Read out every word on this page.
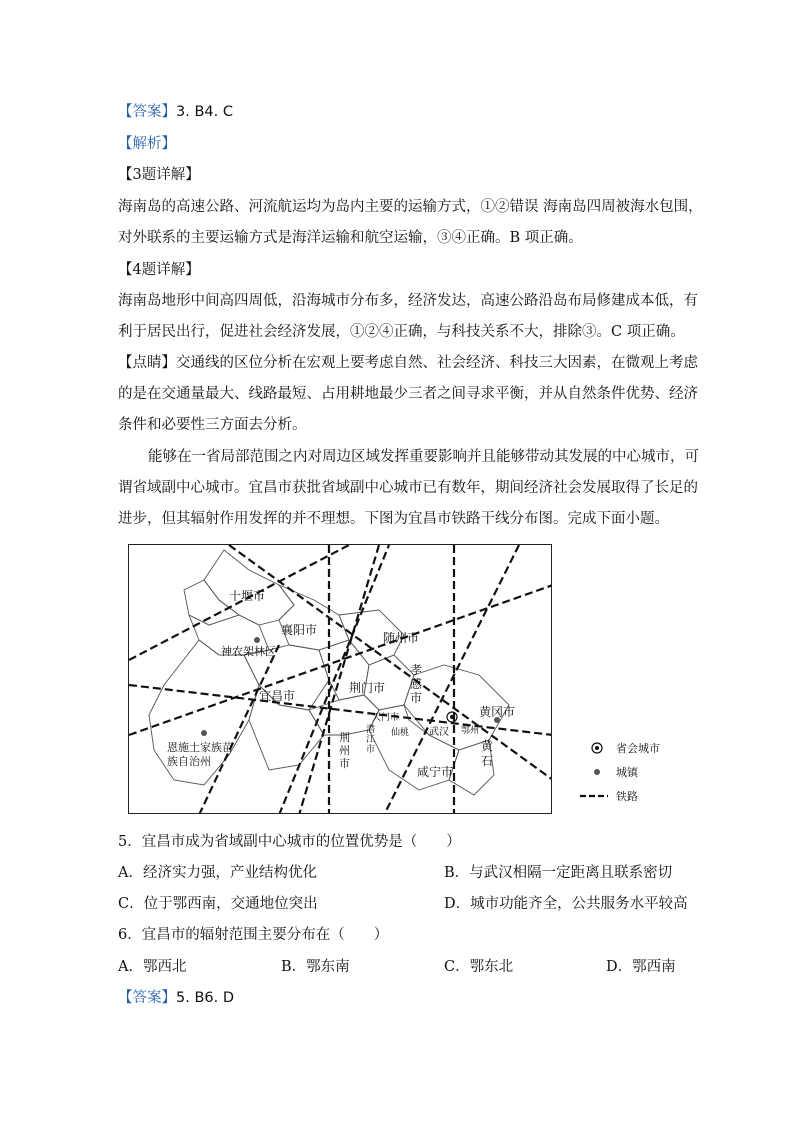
【答案】3. B4. C
【解析】
【3题详解】
海南岛的高速公路、河流航运均为岛内主要的运输方式，①②错误 海南岛四周被海水包围，
对外联系的主要运输方式是海洋运输和航空运输，③④正确。B 项正确。
【4题详解】
海南岛地形中间高四周低，沿海城市分布多，经济发达，高速公路沿岛布局修建成本低，有
利于居民出行，促进社会经济发展，①②④正确，与科技关系不大，排除③。C 项正确。
【点睛】交通线的区位分析在宏观上要考虑自然、社会经济、科技三大因素，在微观上考虑
的是在交通量最大、线路最短、占用耕地最少三者之间寻求平衡，并从自然条件优势、经济
条件和必要性三方面去分析。
能够在一省局部范围之内对周边区域发挥重要影响并且能够带动其发展的中心城市，可
谓省域副中心城市。宜昌市获批省域副中心城市已有数年，期间经济社会发展取得了长足的
进步，但其辐射作用发挥的并不理想。下图为宜昌市铁路干线分布图。完成下面小题。
十堰市
襄阳市
神农架林区
随州市
宜昌市
荆门市
孝感市
恩施土家族苗族自治州
荆州市
天门市
潜江市
仙桃 武汉 鄂州
黄冈市
黄石
咸宁市
省会城市
城镇
铁路
5．宜昌市成为省域副中心城市的位置优势是（　　）
A．经济实力强，产业结构优化	B．与武汉相隔一定距离且联系密切
C．位于鄂西南，交通地位突出	D．城市功能齐全，公共服务水平较高
6．宜昌市的辐射范围主要分布在（　　）
A．鄂西北	B．鄂东南	C．鄂东北	D．鄂西南
【答案】5. B6. D
